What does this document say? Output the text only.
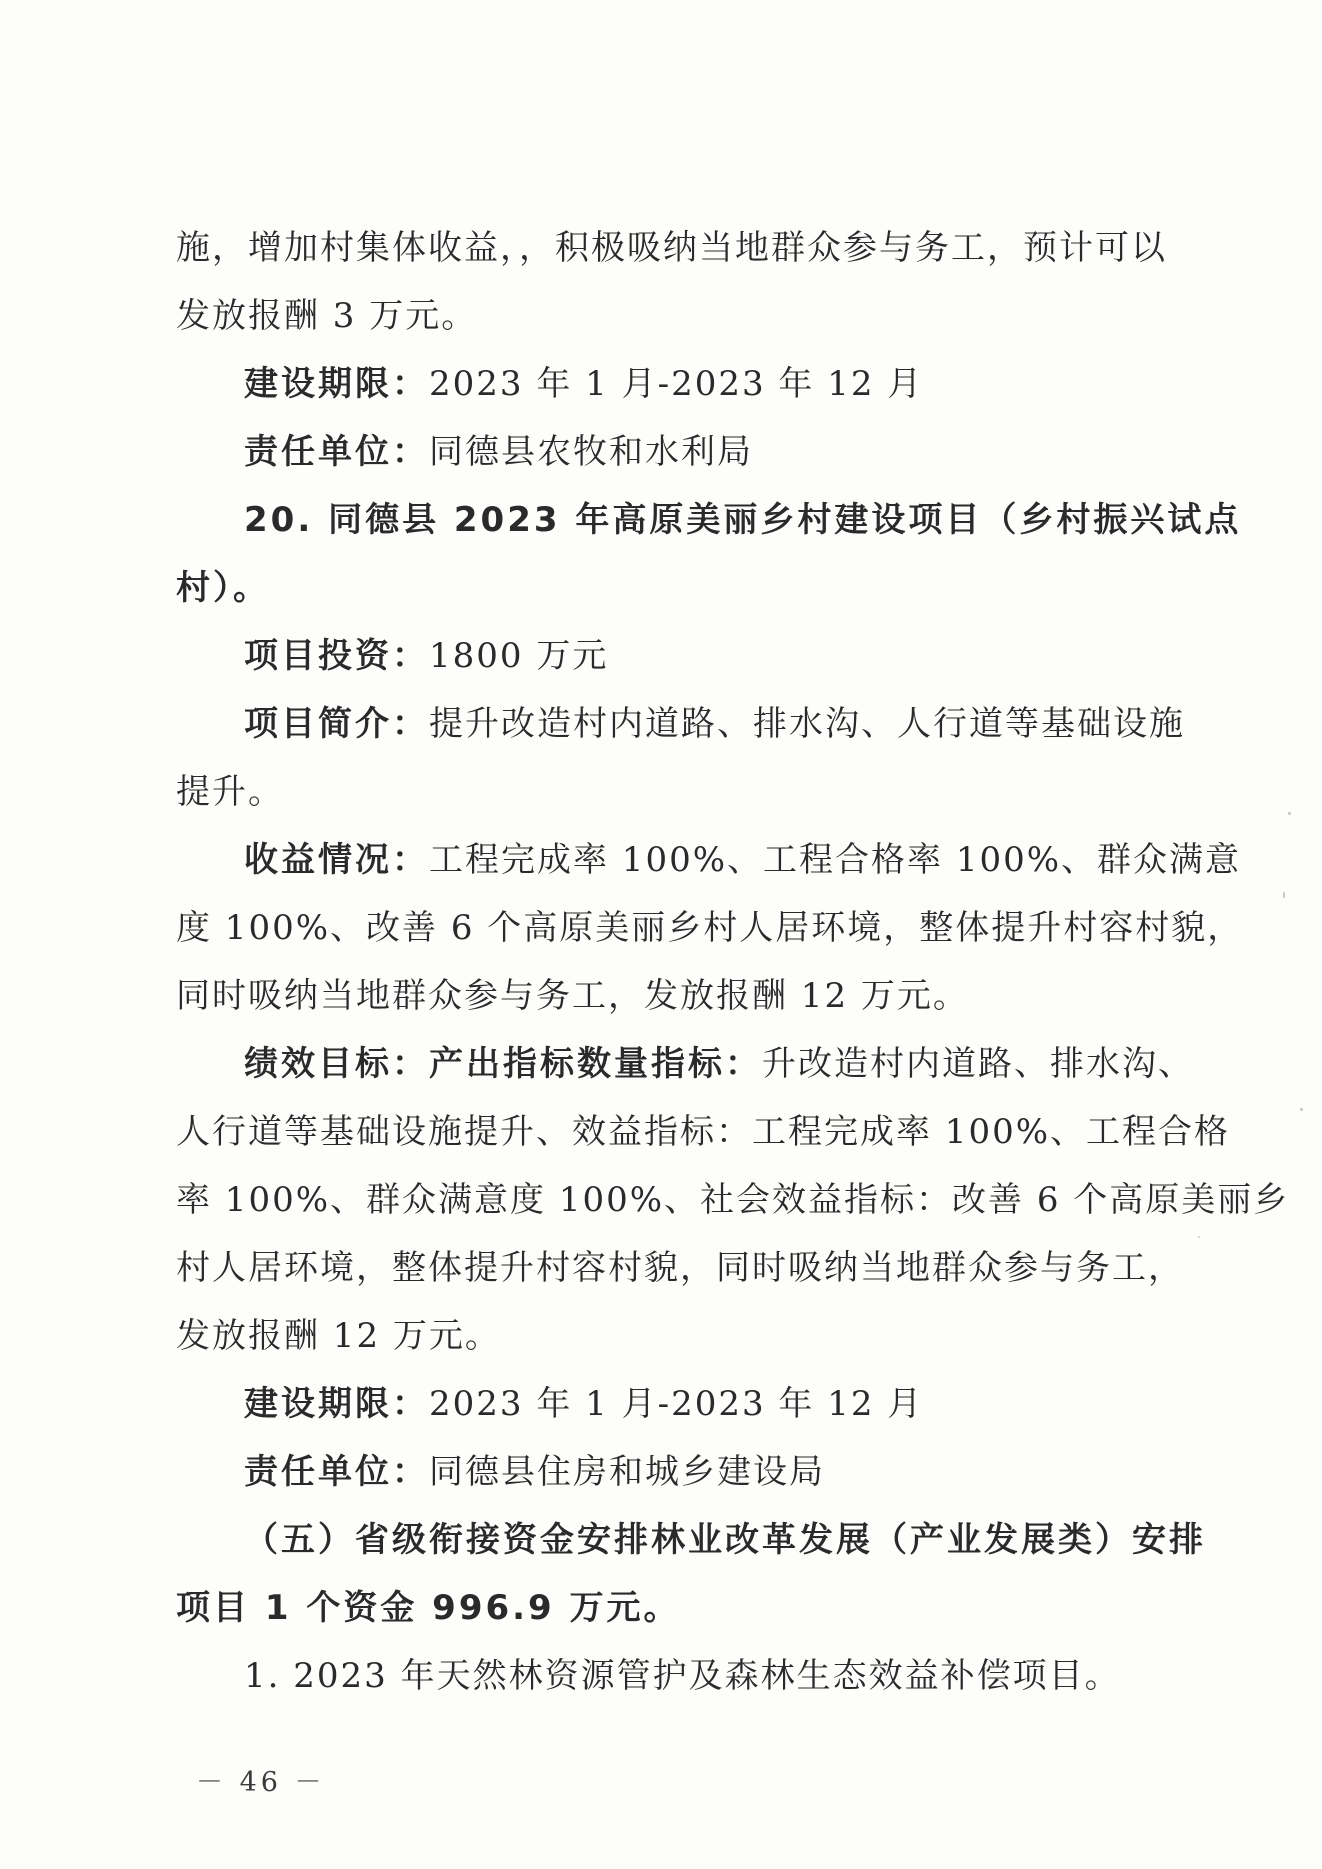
施，增加村集体收益，，积极吸纳当地群众参与务工，预计可以
发放报酬 3 万元。
建设期限：2023 年 1 月-2023 年 12 月
责任单位：同德县农牧和水利局
20. 同德县 2023 年高原美丽乡村建设项目（乡村振兴试点
村）。
项目投资：1800 万元
项目简介：提升改造村内道路、排水沟、人行道等基础设施
提升。
收益情况：工程完成率 100%、工程合格率 100%、群众满意
度 100%、改善 6 个高原美丽乡村人居环境，整体提升村容村貌，
同时吸纳当地群众参与务工，发放报酬 12 万元。
绩效目标：产出指标数量指标：升改造村内道路、排水沟、
人行道等基础设施提升、效益指标：工程完成率 100%、工程合格
率 100%、群众满意度 100%、社会效益指标：改善 6 个高原美丽乡
村人居环境，整体提升村容村貌，同时吸纳当地群众参与务工，
发放报酬 12 万元。
建设期限：2023 年 1 月-2023 年 12 月
责任单位：同德县住房和城乡建设局
（五）省级衔接资金安排林业改革发展（产业发展类）安排
项目 1 个资金 996.9 万元。
1. 2023 年天然林资源管护及森林生态效益补偿项目。
－ 46 －
